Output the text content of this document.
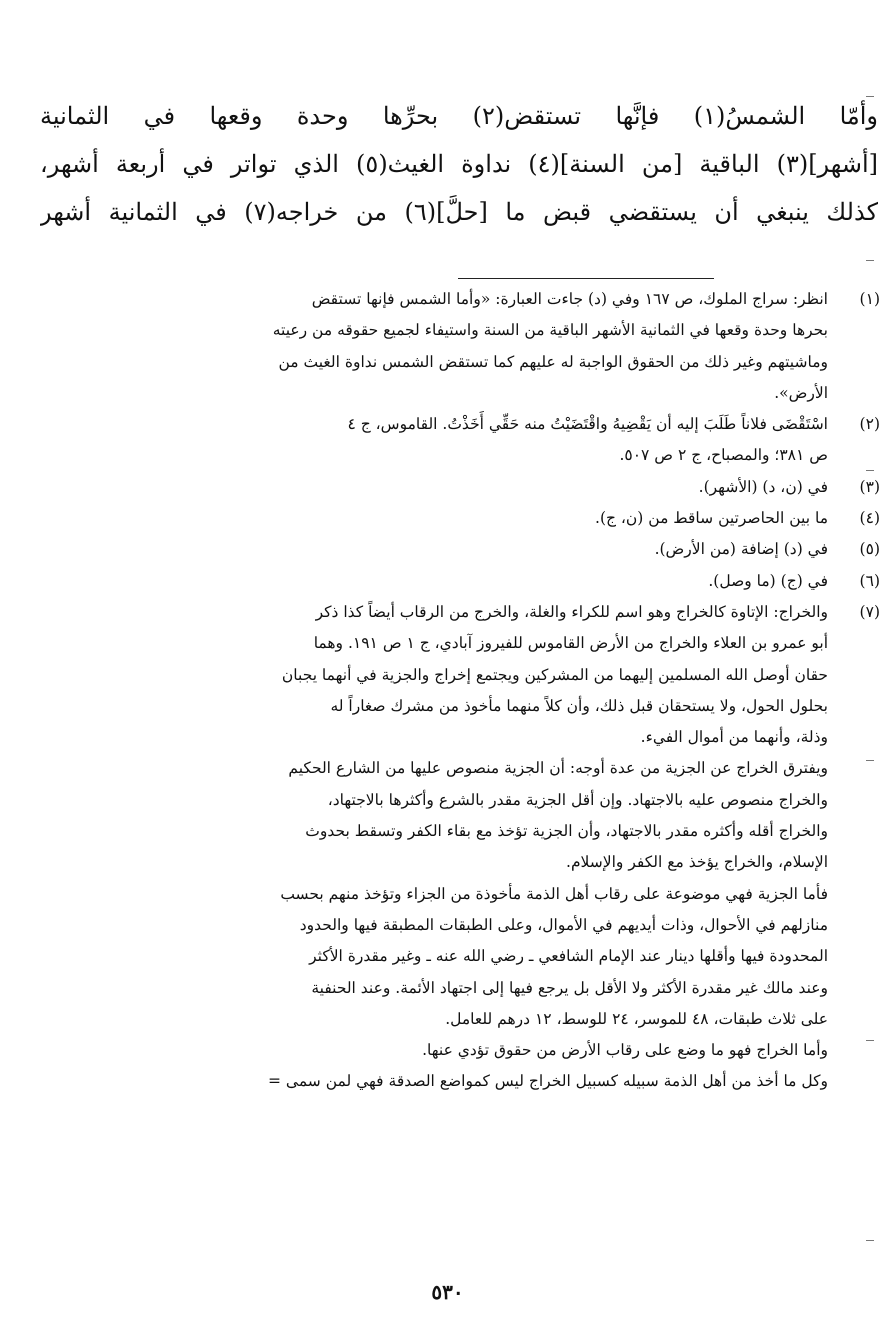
وأمّا الشمسُ(١) فإنَّها تستقض(٢) بحرِّها وحدة وقعها في الثمانية
[أشهر](٣) الباقية [من السنة](٤) نداوة الغيث(٥) الذي تواتر في أربعة أشهر،
كذلك ينبغي أن يستقضي قبض ما [حلَّ](٦) من خراجه(٧) في الثمانية أشهر
(١)
انظر: سراج الملوك، ص ١٦٧ وفي (د) جاءت العبارة: «وأما الشمس فإنها تستقض
بحرها وحدة وقعها في الثمانية الأشهر الباقية من السنة واستيفاء لجميع حقوقه من رعيته
وماشيتهم وغير ذلك من الحقوق الواجبة له عليهم كما تستقض الشمس نداوة الغيث من
الأرض».
(٢)
اسْتَقْضَى فلاناً طَلَبَ إليه أن يَقْضِيهُ واقْتَضَيْتُ منه حَقِّي أَخَذْتُ. القاموس، ج ٤
ص ٣٨١؛ والمصباح، ج ٢ ص ٥٠٧.
(٣)
في (ن، د) (الأشهر).
(٤)
ما بين الحاصرتين ساقط من (ن، ج).
(٥)
في (د) إضافة (من الأرض).
(٦)
في (ج) (ما وصل).
(٧)
والخراج: الإتاوة كالخراج وهو اسم للكراء والغلة، والخرج من الرقاب أيضاً كذا ذكر
أبو عمرو بن العلاء والخراج من الأرض القاموس للفيروز آبادي، ج ١ ص ١٩١. وهما
حقان أوصل الله المسلمين إليهما من المشركين ويجتمع إخراج والجزية في أنهما يجبان
بحلول الحول، ولا يستحقان قبل ذلك، وأن كلاً منهما مأخوذ من مشرك صغاراً له
وذلة، وأنهما من أموال الفيء.
ويفترق الخراج عن الجزية من عدة أوجه: أن الجزية منصوص عليها من الشارع الحكيم
والخراج منصوص عليه بالاجتهاد. وإن أقل الجزية مقدر بالشرع وأكثرها بالاجتهاد،
والخراج أقله وأكثره مقدر بالاجتهاد، وأن الجزية تؤخذ مع بقاء الكفر وتسقط بحدوث
الإسلام، والخراج يؤخذ مع الكفر والإسلام.
فأما الجزية فهي موضوعة على رقاب أهل الذمة مأخوذة من الجزاء وتؤخذ منهم بحسب
منازلهم في الأحوال، وذات أيديهم في الأموال، وعلى الطبقات المطبقة فيها والحدود
المحدودة فيها وأقلها دينار عند الإمام الشافعي ـ رضي الله عنه ـ وغير مقدرة الأكثر
وعند مالك غير مقدرة الأكثر ولا الأقل بل يرجع فيها إلى اجتهاد الأئمة. وعند الحنفية
على ثلاث طبقات، ٤٨ للموسر، ٢٤ للوسط، ١٢ درهم للعامل.
وأما الخراج فهو ما وضع على رقاب الأرض من حقوق تؤدي عنها.
وكل ما أخذ من أهل الذمة سبيله كسبيل الخراج ليس كمواضع الصدقة فهي لمن سمى =
٥٣٠
